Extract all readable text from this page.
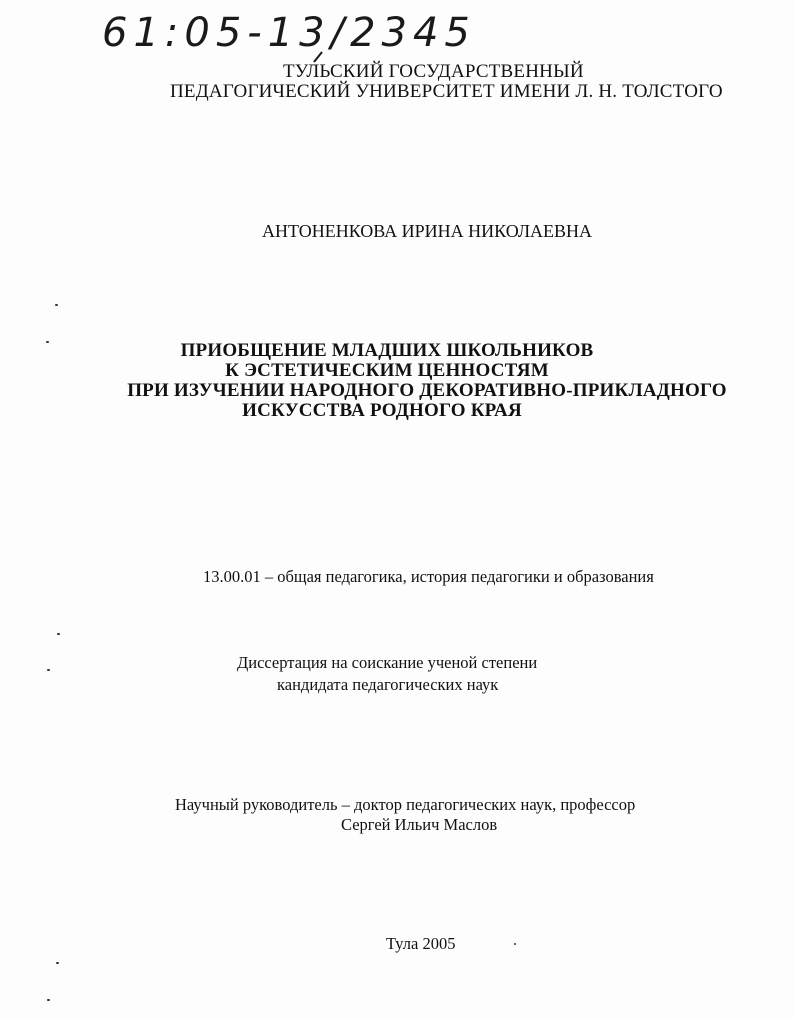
61:05-13/2345
ТУЛЬСКИЙ ГОСУДАРСТВЕННЫЙ
ПЕДАГОГИЧЕСКИЙ УНИВЕРСИТЕТ ИМЕНИ Л. Н. ТОЛСТОГО
АНТОНЕНКОВА ИРИНА НИКОЛАЕВНА
ПРИОБЩЕНИЕ МЛАДШИХ ШКОЛЬНИКОВ
К ЭСТЕТИЧЕСКИМ ЦЕННОСТЯМ
ПРИ ИЗУЧЕНИИ НАРОДНОГО ДЕКОРАТИВНО-ПРИКЛАДНОГО
ИСКУССТВА РОДНОГО КРАЯ
13.00.01 – общая педагогика, история педагогики и образования
Диссертация на соискание ученой степени
кандидата педагогических наук
Научный руководитель – доктор педагогических наук, профессор
Сергей Ильич Маслов
Тула 2005
